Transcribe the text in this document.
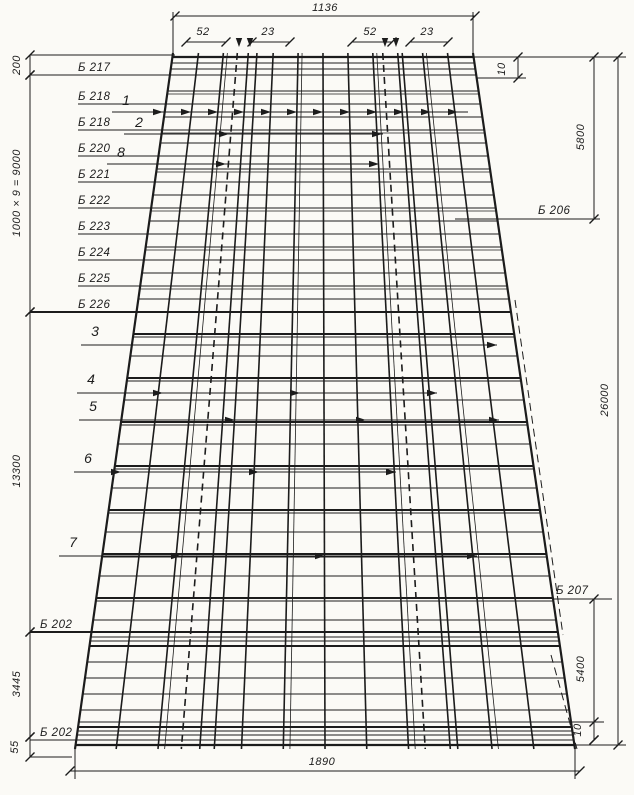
1136
52	23	52	23
10
5800
26000
5400
10
1890
200
1000 × 9 = 9000
13300
3445
55
Б 217
Б 218
Б 218
Б 220
Б 221
Б 222
Б 223
Б 224
Б 225
Б 226
Б 202
Б 202
Б 206
Б 207
1
2
8
3
4
5
6
7
